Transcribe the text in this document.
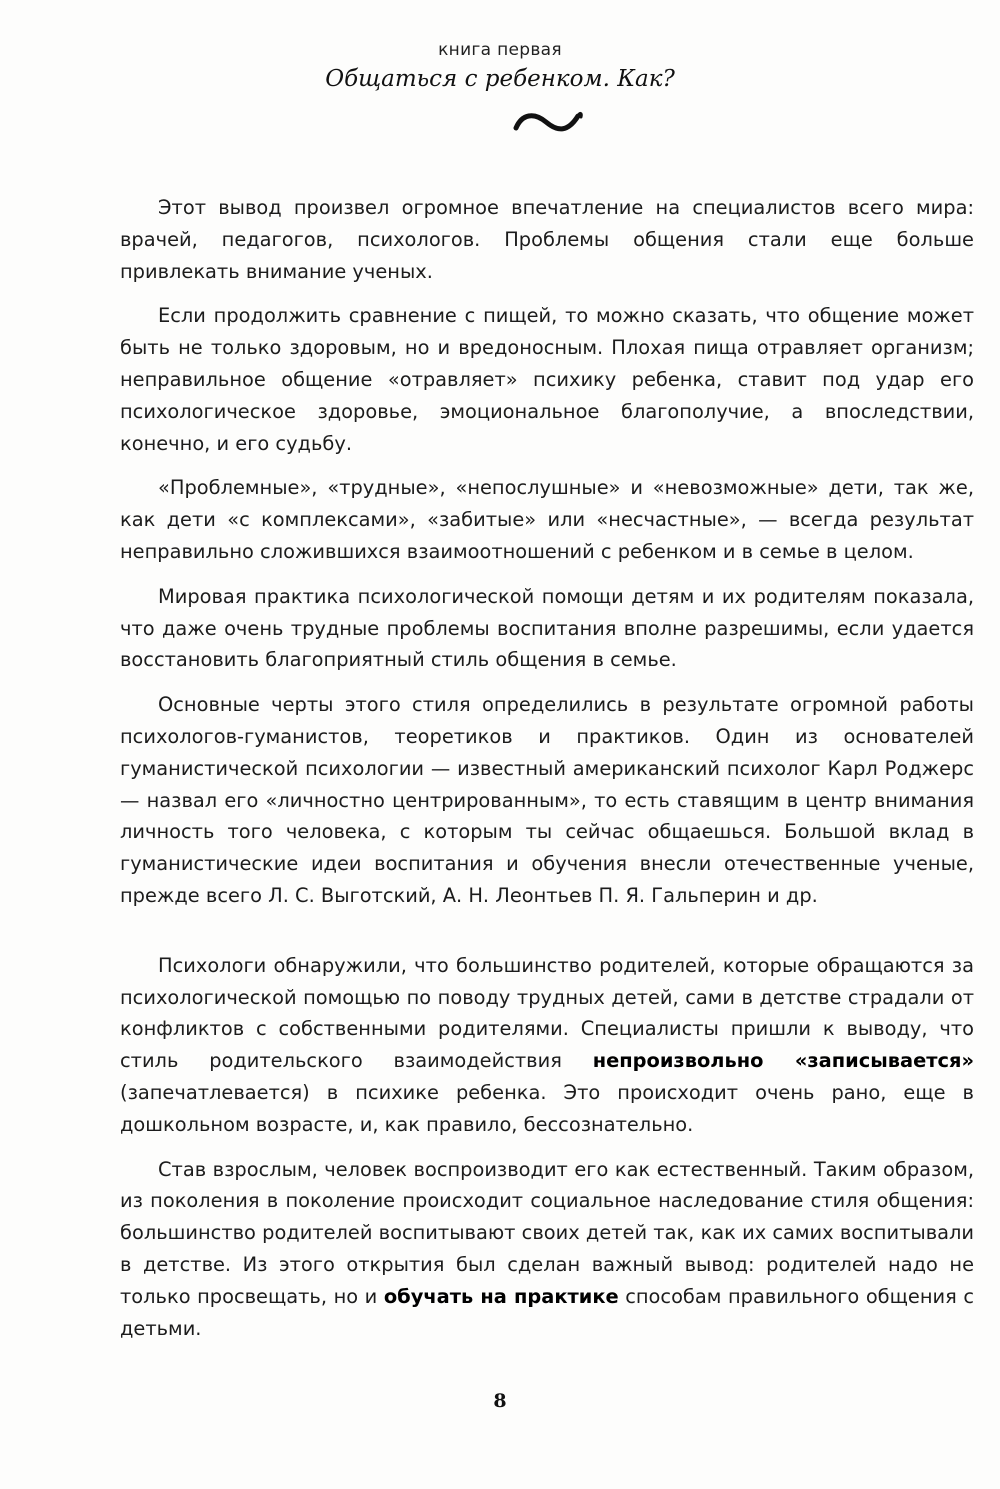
книга первая
Общаться с ребенком. Как?

Этот вывод произвел огромное впечатление на специалистов всего мира: врачей, педагогов, психологов. Проблемы общения стали еще больше привлекать внимание ученых.

Если продолжить сравнение с пищей, то можно сказать, что общение может быть не только здоровым, но и вредоносным. Плохая пища отравляет организм; неправильное общение «отравляет» психику ребенка, ставит под удар его психологическое здоровье, эмоциональное благополучие, а впоследствии, конечно, и его судьбу.

«Проблемные», «трудные», «непослушные» и «невозможные» дети, так же, как дети «с комплексами», «забитые» или «несчастные», — всегда результат неправильно сложившихся взаимоотношений с ребенком и в семье в целом.

Мировая практика психологической помощи детям и их родителям показала, что даже очень трудные проблемы воспитания вполне разрешимы, если удается восстановить благоприятный стиль общения в семье.

Основные черты этого стиля определились в результате огромной работы психологов-гуманистов, теоретиков и практиков. Один из основателей гуманистической психологии — известный американский психолог Карл Роджерс — назвал его «личностно центрированным», то есть ставящим в центр внимания личность того человека, с которым ты сейчас общаешься. Большой вклад в гуманистические идеи воспитания и обучения внесли отечественные ученые, прежде всего Л. С. Выготский, А. Н. Леонтьев П. Я. Гальперин и др.

Психологи обнаружили, что большинство родителей, которые обращаются за психологической помощью по поводу трудных детей, сами в детстве страдали от конфликтов с собственными родителями. Специалисты пришли к выводу, что стиль родительского взаимодействия непроизвольно «записывается» (запечатлевается) в психике ребенка. Это происходит очень рано, еще в дошкольном возрасте, и, как правило, бессознательно.

Став взрослым, человек воспроизводит его как естественный. Таким образом, из поколения в поколение происходит социальное наследование стиля общения: большинство родителей воспитывают своих детей так, как их самих воспитывали в детстве. Из этого открытия был сделан важный вывод: родителей надо не только просвещать, но и обучать на практике способам правильного общения с детьми.

8
